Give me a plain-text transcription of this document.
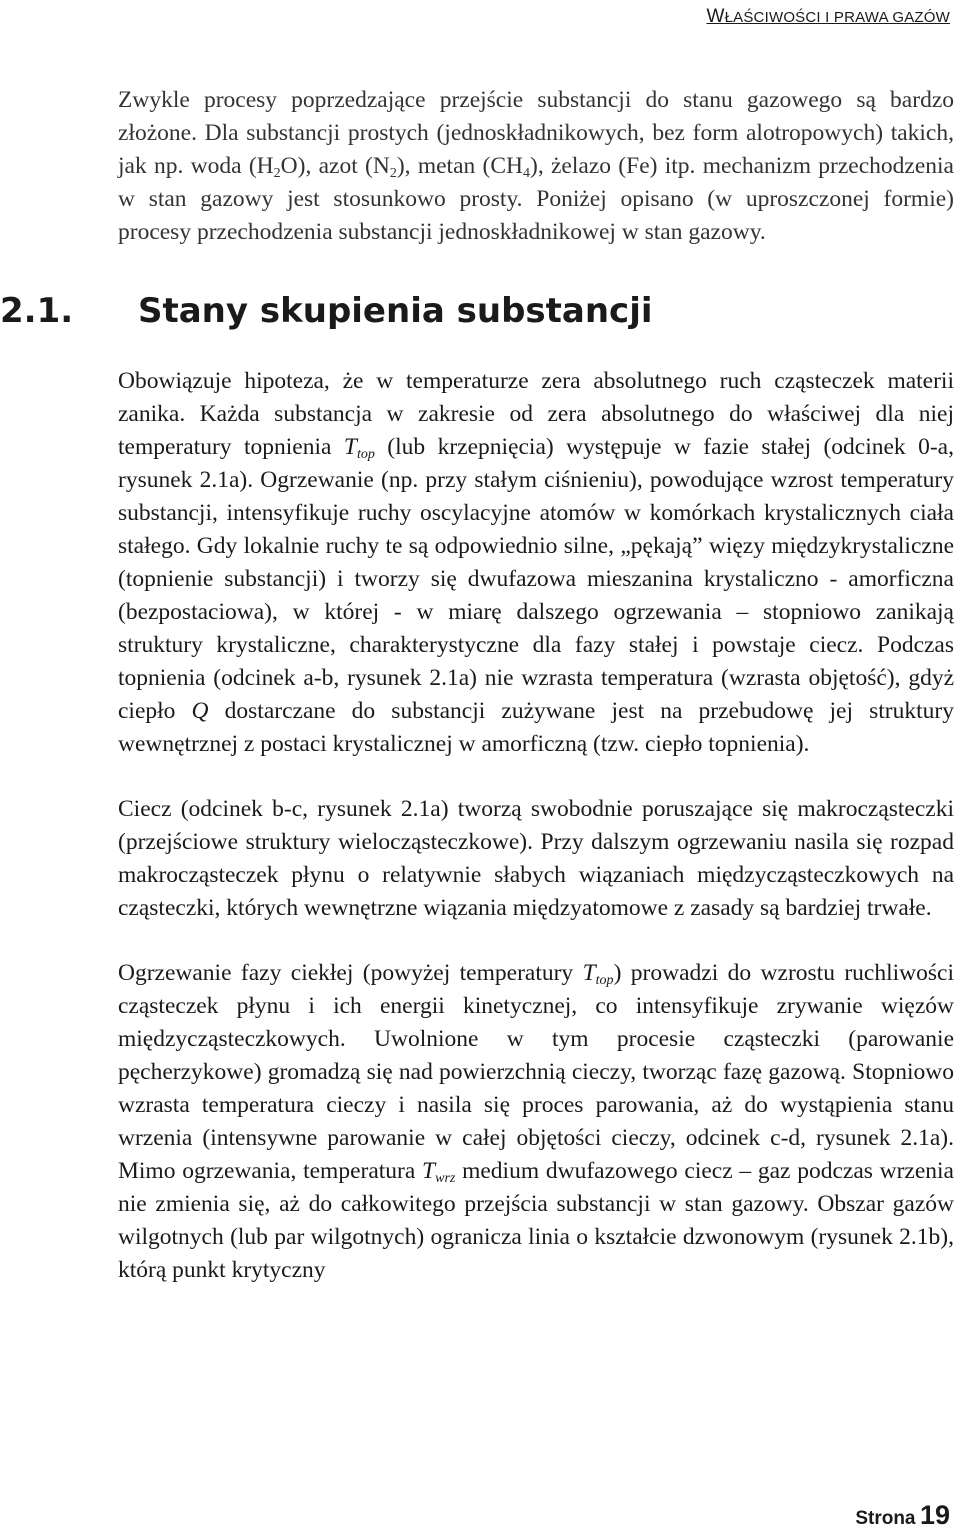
WŁAŚCIWOŚCI I PRAWA GAZÓW

Zwykle procesy poprzedzające przejście substancji do stanu gazowego są bardzo złożone. Dla substancji prostych (jednoskładnikowych, bez form alotropowych) takich, jak np. woda $(H_2O)$, azot $(N_2)$, metan $(CH_4)$, żelazo (Fe) itp. mechanizm przechodzenia w stan gazowy jest stosunkowo prosty. Poniżej opisano (w uproszczonej formie) procesy przechodzenia substancji jednoskładnikowej w stan gazowy.

2.1. Stany skupienia substancji

Obowiązuje hipoteza, że w temperaturze zera absolutnego ruch cząsteczek materii zanika. Każda substancja w zakresie od zera absolutnego do właściwej dla niej temperatury topnienia $T_{top}$ (lub krzepnięcia) występuje w fazie stałej (odcinek 0-a, rysunek 2.1a). Ogrzewanie (np. przy stałym ciśnieniu), powodujące wzrost temperatury substancji, intensyfikuje ruchy oscylacyjne atomów w komórkach krystalicznych ciała stałego. Gdy lokalnie ruchy te są odpowiednio silne, „pękają” więzy międzykrystaliczne (topnienie substancji) i tworzy się dwufazowa mieszanina krystaliczno - amorficzna (bezpostaciowa), w której - w miarę dalszego ogrzewania – stopniowo zanikają struktury krystaliczne, charakterystyczne dla fazy stałej i powstaje ciecz. Podczas topnienia (odcinek a-b, rysunek 2.1a) nie wzrasta temperatura (wzrasta objętość), gdyż ciepło Q dostarczane do substancji zużywane jest na przebudowę jej struktury wewnętrznej z postaci krystalicznej w amorficzną (tzw. ciepło topnienia).

Ciecz (odcinek b-c, rysunek 2.1a) tworzą swobodnie poruszające się makrocząsteczki (przejściowe struktury wielocząsteczkowe). Przy dalszym ogrzewaniu nasila się rozpad makrocząsteczek płynu o relatywnie słabych wiązaniach międzycząsteczkowych na cząsteczki, których wewnętrzne wiązania międzyatomowe z zasady są bardziej trwałe.

Ogrzewanie fazy ciekłej (powyżej temperatury $T_{top}$) prowadzi do wzrostu ruchliwości cząsteczek płynu i ich energii kinetycznej, co intensyfikuje zrywanie więzów międzycząsteczkowych. Uwolnione w tym procesie cząsteczki (parowanie pęcherzykowe) gromadzą się nad powierzchnią cieczy, tworząc fazę gazową. Stopniowo wzrasta temperatura cieczy i nasila się proces parowania, aż do wystąpienia stanu wrzenia (intensywne parowanie w całej objętości cieczy, odcinek c-d, rysunek 2.1a). Mimo ogrzewania, temperatura $T_{wrz}$ medium dwufazowego ciecz – gaz podczas wrzenia nie zmienia się, aż do całkowitego przejścia substancji w stan gazowy. Obszar gazów wilgotnych (lub par wilgotnych) ogranicza linia o kształcie dzwonowym (rysunek 2.1b), którą punkt krytyczny

Strona 19
